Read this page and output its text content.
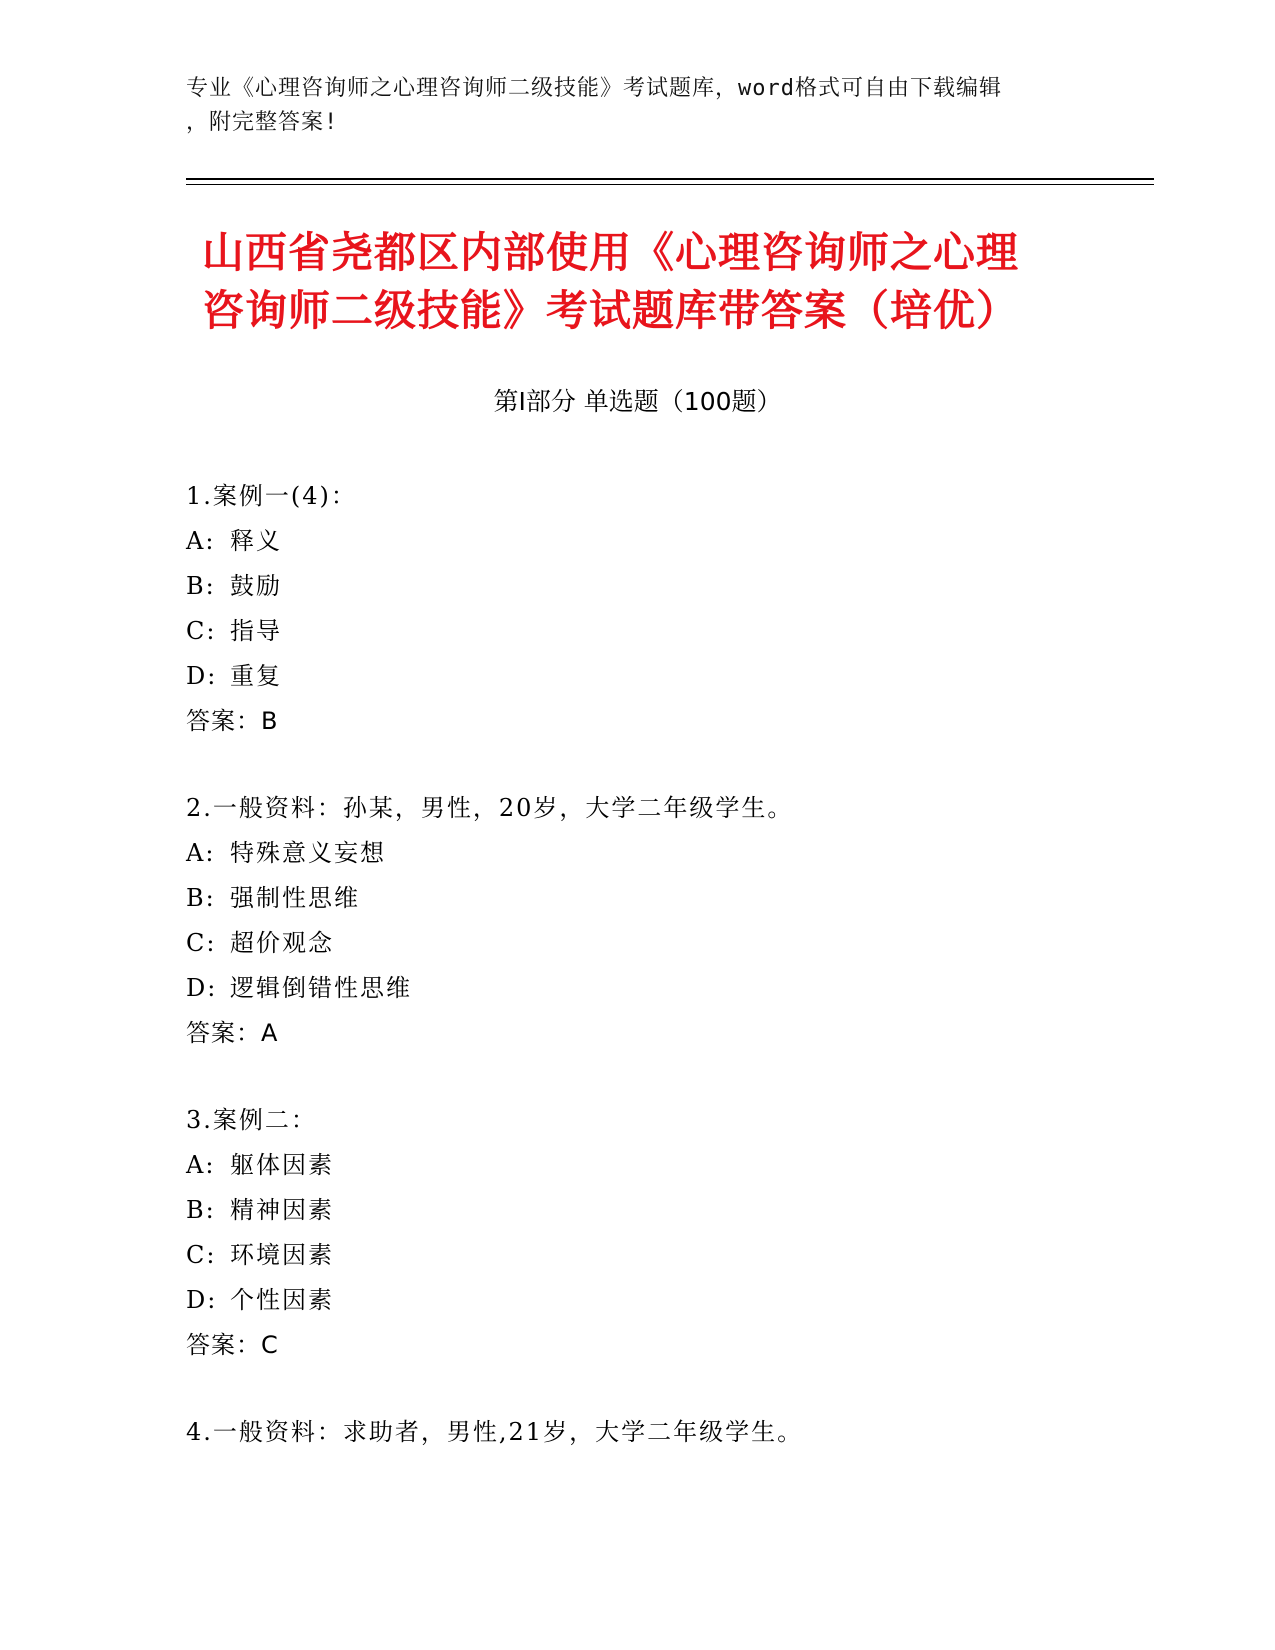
专业《心理咨询师之心理咨询师二级技能》考试题库，word格式可自由下载编辑
，附完整答案!
山西省尧都区内部使用《心理咨询师之心理
咨询师二级技能》考试题库带答案（培优）
第Ⅰ部分 单选题（100题）
1.案例一(4)：
A: 释义
B: 鼓励
C: 指导
D: 重复
答案：B
2.一般资料：孙某，男性，20岁，大学二年级学生。
A: 特殊意义妄想
B: 强制性思维
C: 超价观念
D: 逻辑倒错性思维
答案：A
3.案例二：
A: 躯体因素
B: 精神因素
C: 环境因素
D: 个性因素
答案：C
4.一般资料：求助者，男性,21岁，大学二年级学生。
